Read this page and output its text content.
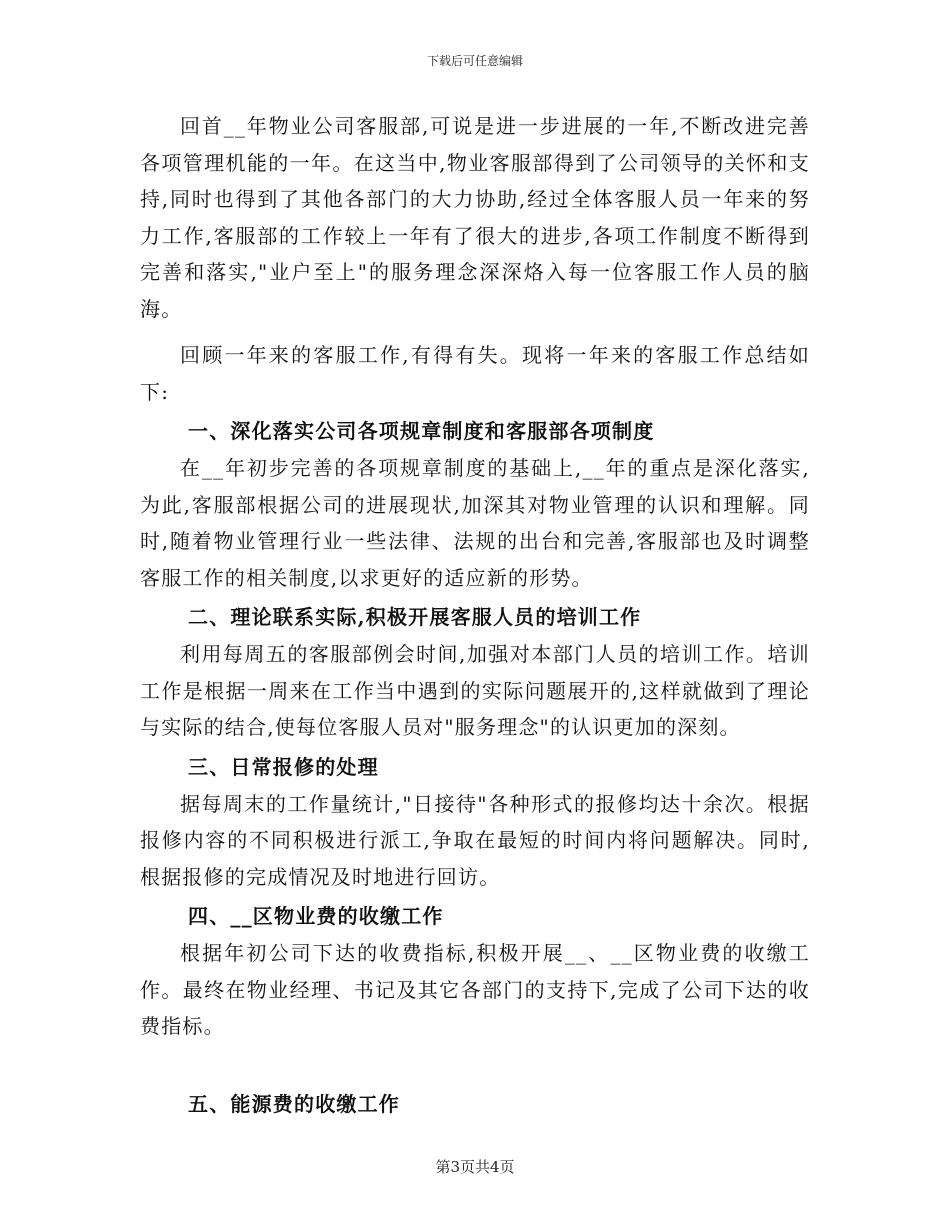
下载后可任意编辑

回首__年物业公司客服部,可说是进一步进展的一年,不断改进完善各项管理机能的一年。在这当中,物业客服部得到了公司领导的关怀和支持,同时也得到了其他各部门的大力协助,经过全体客服人员一年来的努力工作,客服部的工作较上一年有了很大的进步,各项工作制度不断得到完善和落实,"业户至上"的服务理念深深烙入每一位客服工作人员的脑海。

回顾一年来的客服工作,有得有失。现将一年来的客服工作总结如下:

一、深化落实公司各项规章制度和客服部各项制度

在__年初步完善的各项规章制度的基础上,__年的重点是深化落实,为此,客服部根据公司的进展现状,加深其对物业管理的认识和理解。同时,随着物业管理行业一些法律、法规的出台和完善,客服部也及时调整客服工作的相关制度,以求更好的适应新的形势。

二、理论联系实际,积极开展客服人员的培训工作

利用每周五的客服部例会时间,加强对本部门人员的培训工作。培训工作是根据一周来在工作当中遇到的实际问题展开的,这样就做到了理论与实际的结合,使每位客服人员对"服务理念"的认识更加的深刻。

三、日常报修的处理

据每周末的工作量统计,"日接待"各种形式的报修均达十余次。根据报修内容的不同积极进行派工,争取在最短的时间内将问题解决。同时,根据报修的完成情况及时地进行回访。

四、__区物业费的收缴工作

根据年初公司下达的收费指标,积极开展__、__区物业费的收缴工作。最终在物业经理、书记及其它各部门的支持下,完成了公司下达的收费指标。

五、能源费的收缴工作

第3页共4页
